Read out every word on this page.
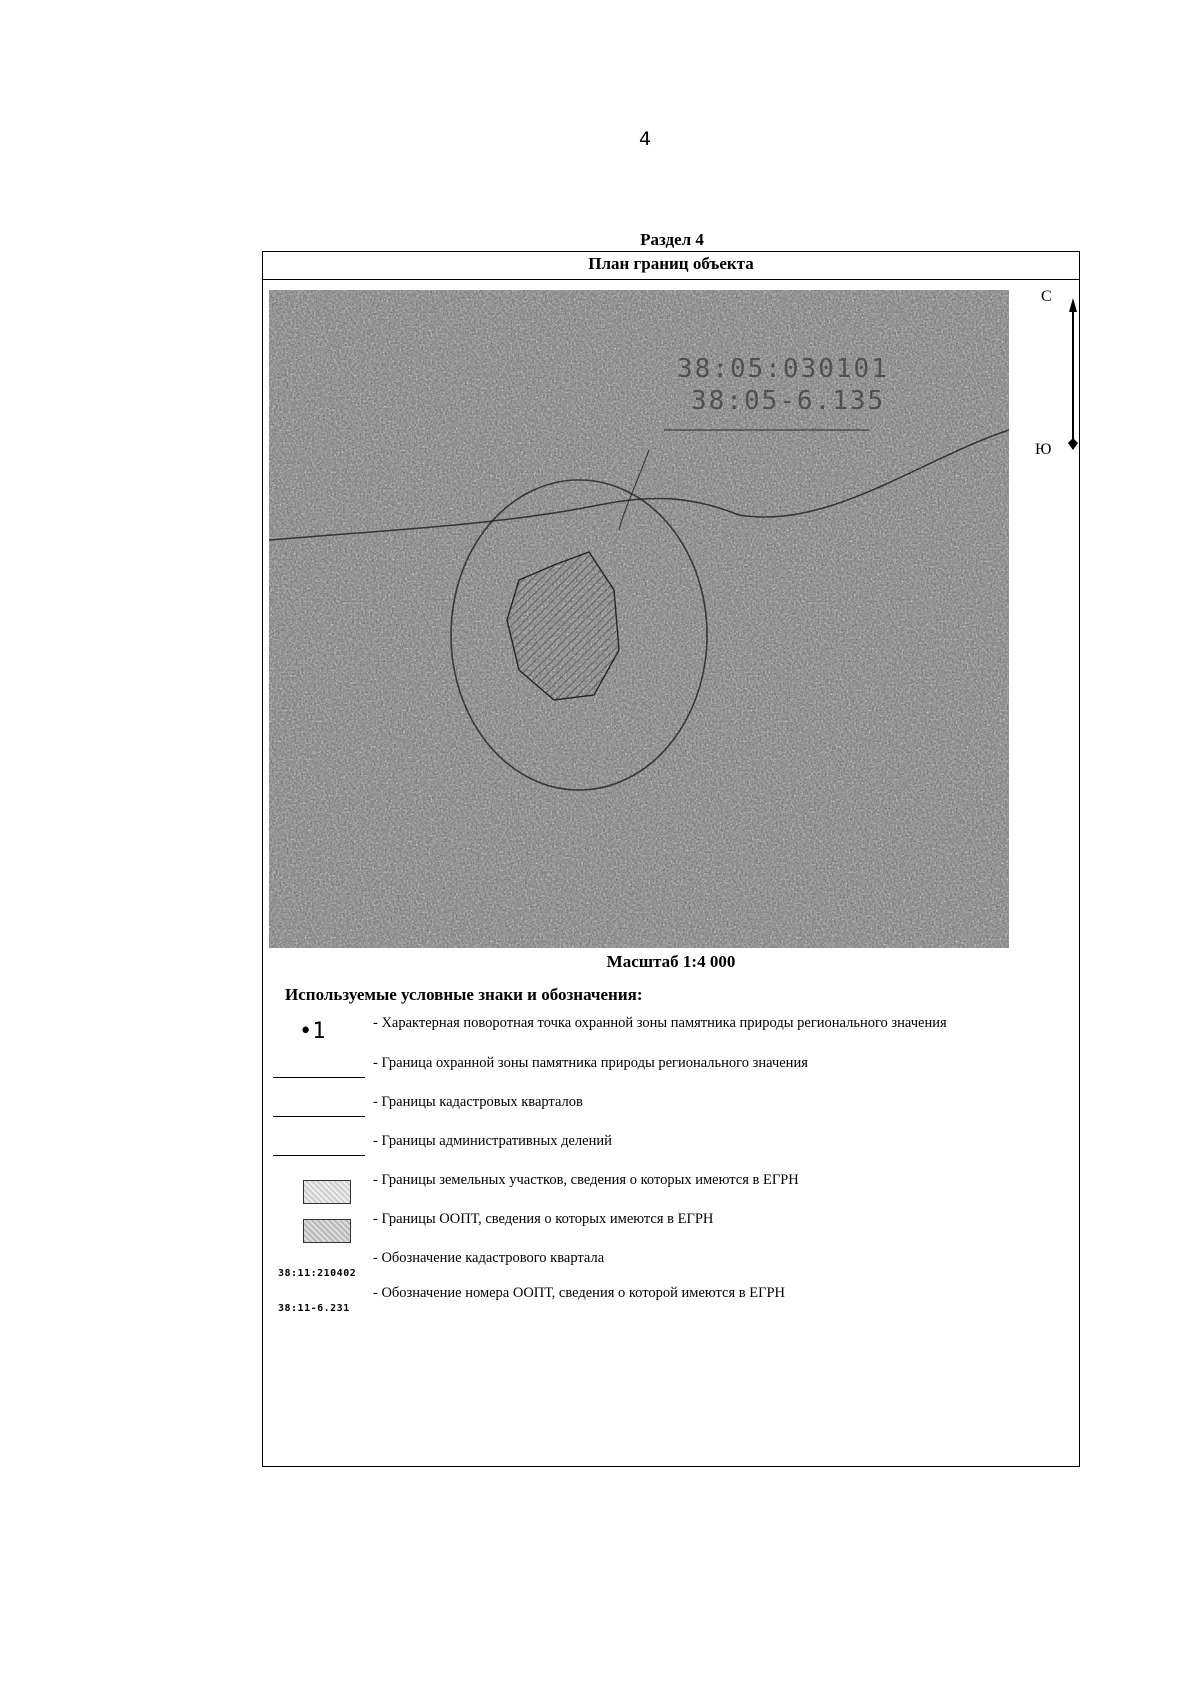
4
Раздел 4
План границ объекта
38:05:030101
38:05-6.135
С
Ю
Масштаб 1:4 000
Используемые условные знаки и обозначения:
•1	- Характерная поворотная точка охранной зоны памятника природы регионального значения
- Граница охранной зоны памятника природы регионального значения
- Границы кадастровых кварталов
- Границы административных делений
- Границы земельных участков, сведения о которых имеются в ЕГРН
- Границы ООПТ, сведения о которых имеются в ЕГРН
38:11:210402
- Обозначение кадастрового квартала
38:11-6.231
- Обозначение номера ООПТ, сведения о которой имеются в ЕГРН
